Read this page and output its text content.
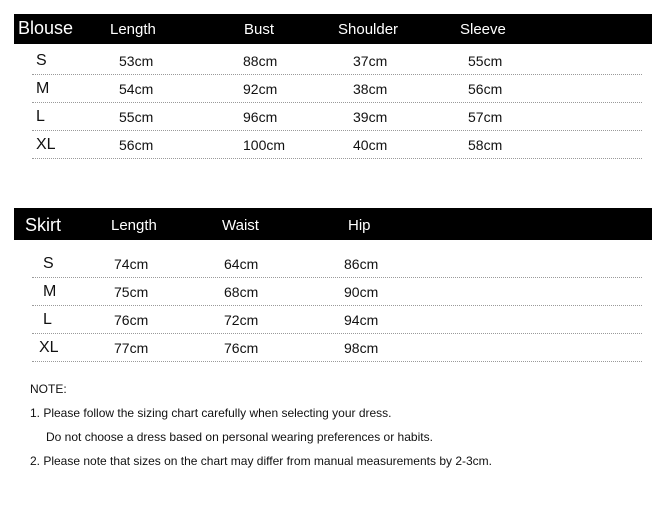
Blouse Length	Bust	Shoulder	Sleeve
S	53cm	88cm	37cm	55cm
M	54cm	92cm	38cm	56cm
L	55cm	96cm	39cm	57cm
XL	56cm	100cm	40cm	58cm
Skirt	Length	Waist	Hip
S	74cm	64cm	86cm
M	75cm	68cm	90cm
L	76cm	72cm	94cm
XL	77cm	76cm	98cm
NOTE:
1. Please follow the sizing chart carefully when selecting your dress.
Do not choose a dress based on personal wearing preferences or habits.
2. Please note that sizes on the chart may differ from manual measurements by 2-3cm.
